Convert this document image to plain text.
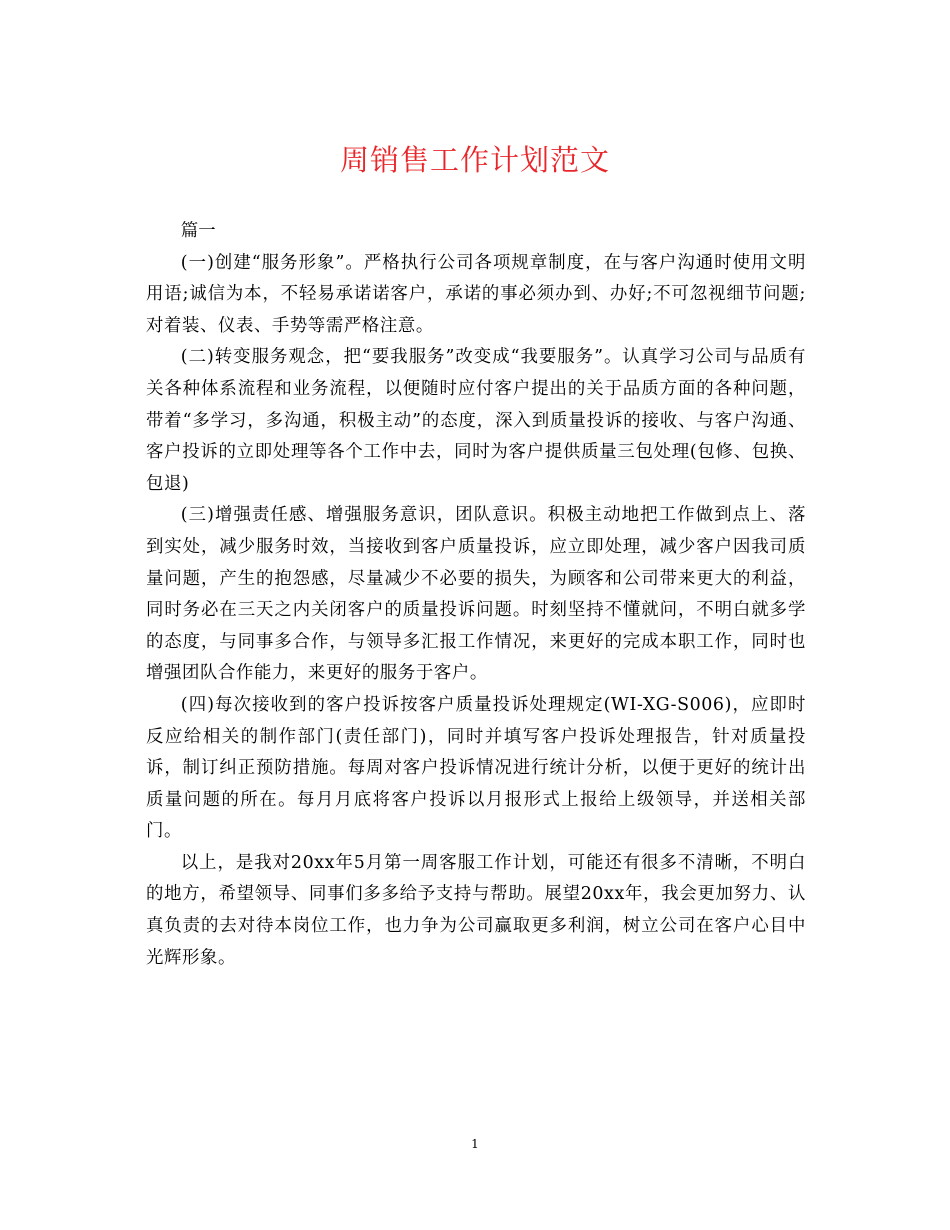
周销售工作计划范文

篇一

(一)创建“服务形象”。严格执行公司各项规章制度，在与客户沟通时使用文明用语;诚信为本，不轻易承诺诺客户，承诺的事必须办到、办好;不可忽视细节问题;对着装、仪表、手势等需严格注意。

(二)转变服务观念，把“要我服务”改变成“我要服务”。认真学习公司与品质有关各种体系流程和业务流程，以便随时应付客户提出的关于品质方面的各种问题，带着“多学习，多沟通，积极主动”的态度，深入到质量投诉的接收、与客户沟通、客户投诉的立即处理等各个工作中去，同时为客户提供质量三包处理(包修、包换、包退)

(三)增强责任感、增强服务意识，团队意识。积极主动地把工作做到点上、落到实处，减少服务时效，当接收到客户质量投诉，应立即处理，减少客户因我司质量问题，产生的抱怨感，尽量减少不必要的损失，为顾客和公司带来更大的利益，同时务必在三天之内关闭客户的质量投诉问题。时刻坚持不懂就问，不明白就多学的态度，与同事多合作，与领导多汇报工作情况，来更好的完成本职工作，同时也增强团队合作能力，来更好的服务于客户。

(四)每次接收到的客户投诉按客户质量投诉处理规定(WI-XG-S006)，应即时反应给相关的制作部门(责任部门)，同时并填写客户投诉处理报告，针对质量投诉，制订纠正预防措施。每周对客户投诉情况进行统计分析，以便于更好的统计出质量问题的所在。每月月底将客户投诉以月报形式上报给上级领导，并送相关部门。

以上，是我对20xx年5月第一周客服工作计划，可能还有很多不清晰，不明白的地方，希望领导、同事们多多给予支持与帮助。展望20xx年，我会更加努力、认真负责的去对待本岗位工作，也力争为公司赢取更多利润，树立公司在客户心目中光辉形象。

1
